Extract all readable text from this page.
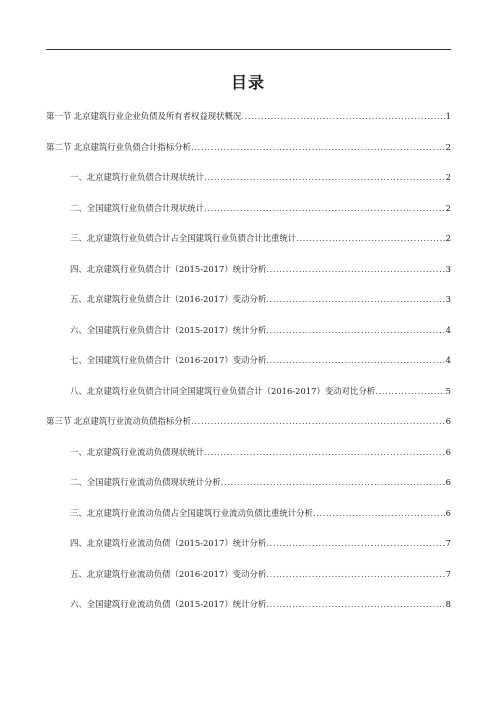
目录
第一节 北京建筑行业企业负债及所有者权益现状概况 .....	1
第二节 北京建筑行业负债合计指标分析 .....	2
一、北京建筑行业负债合计现状统计 .....	2
二、全国建筑行业负债合计现状统计 .....	2
三、北京建筑行业负债合计占全国建筑行业负债合计比重统计 .....	2
四、北京建筑行业负债合计（2015-2017）统计分析 .....	3
五、北京建筑行业负债合计（2016-2017）变动分析 .....	3
六、全国建筑行业负债合计（2015-2017）统计分析 .....	4
七、全国建筑行业负债合计（2016-2017）变动分析 .....	4
八、北京建筑行业负债合计同全国建筑行业负债合计（2016-2017）变动对比分析 .....	5
第三节 北京建筑行业流动负债指标分析 .....	6
一、北京建筑行业流动负债现状统计 .....	6
二、全国建筑行业流动负债现状统计分析 .....	6
三、北京建筑行业流动负债占全国建筑行业流动负债比重统计分析 .....	6
四、北京建筑行业流动负债（2015-2017）统计分析 .....	7
五、北京建筑行业流动负债（2016-2017）变动分析 .....	7
六、全国建筑行业流动负债（2015-2017）统计分析 .....	8
